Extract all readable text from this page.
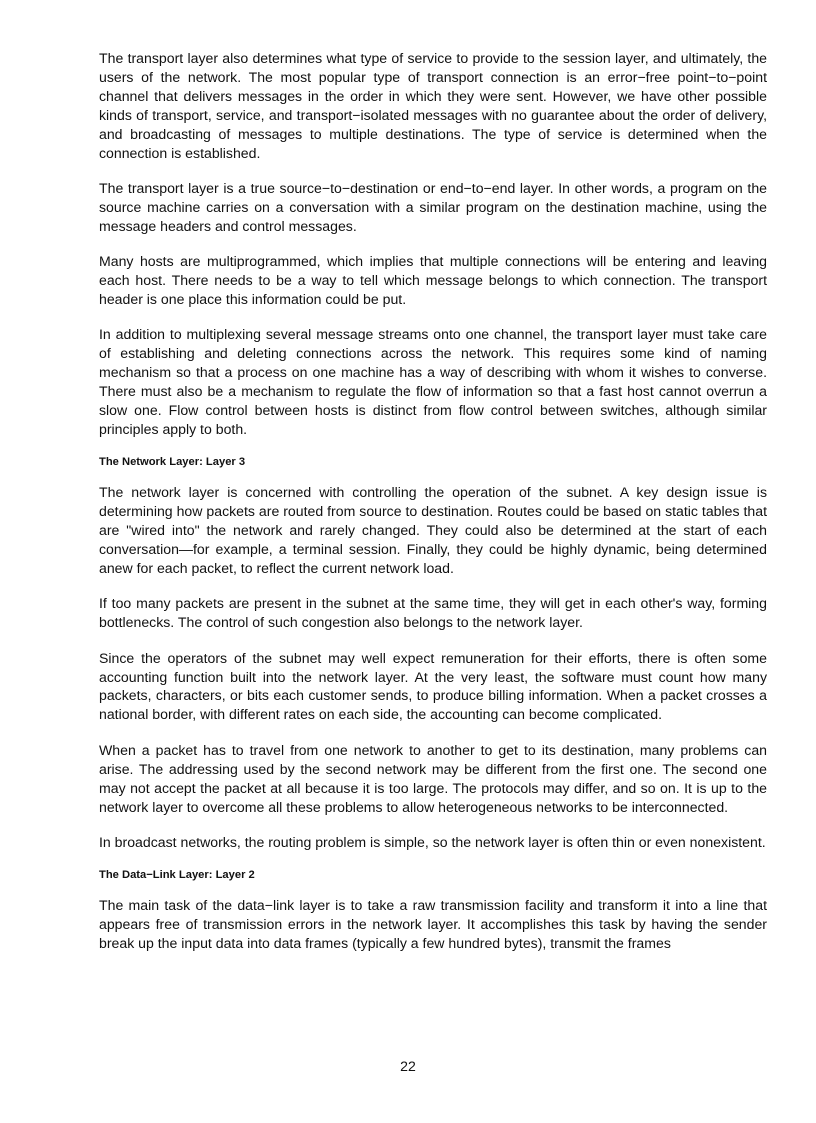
The transport layer also determines what type of service to provide to the session layer, and ultimately, the users of the network. The most popular type of transport connection is an error−free point−to−point channel that delivers messages in the order in which they were sent. However, we have other possible kinds of transport, service, and transport−isolated messages with no guarantee about the order of delivery, and broadcasting of messages to multiple destinations. The type of service is determined when the connection is established.

The transport layer is a true source−to−destination or end−to−end layer. In other words, a program on the source machine carries on a conversation with a similar program on the destination machine, using the message headers and control messages.

Many hosts are multiprogrammed, which implies that multiple connections will be entering and leaving each host. There needs to be a way to tell which message belongs to which connection. The transport header is one place this information could be put.

In addition to multiplexing several message streams onto one channel, the transport layer must take care of establishing and deleting connections across the network. This requires some kind of naming mechanism so that a process on one machine has a way of describing with whom it wishes to converse. There must also be a mechanism to regulate the flow of information so that a fast host cannot overrun a slow one. Flow control between hosts is distinct from flow control between switches, although similar principles apply to both.

The Network Layer: Layer 3

The network layer is concerned with controlling the operation of the subnet. A key design issue is determining how packets are routed from source to destination. Routes could be based on static tables that are "wired into" the network and rarely changed. They could also be determined at the start of each conversation—for example, a terminal session. Finally, they could be highly dynamic, being determined anew for each packet, to reflect the current network load.

If too many packets are present in the subnet at the same time, they will get in each other's way, forming bottlenecks. The control of such congestion also belongs to the network layer.

Since the operators of the subnet may well expect remuneration for their efforts, there is often some accounting function built into the network layer. At the very least, the software must count how many packets, characters, or bits each customer sends, to produce billing information. When a packet crosses a national border, with different rates on each side, the accounting can become complicated.

When a packet has to travel from one network to another to get to its destination, many problems can arise. The addressing used by the second network may be different from the first one. The second one may not accept the packet at all because it is too large. The protocols may differ, and so on. It is up to the network layer to overcome all these problems to allow heterogeneous networks to be interconnected.

In broadcast networks, the routing problem is simple, so the network layer is often thin or even nonexistent.

The Data−Link Layer: Layer 2

The main task of the data−link layer is to take a raw transmission facility and transform it into a line that appears free of transmission errors in the network layer. It accomplishes this task by having the sender break up the input data into data frames (typically a few hundred bytes), transmit the frames

22
